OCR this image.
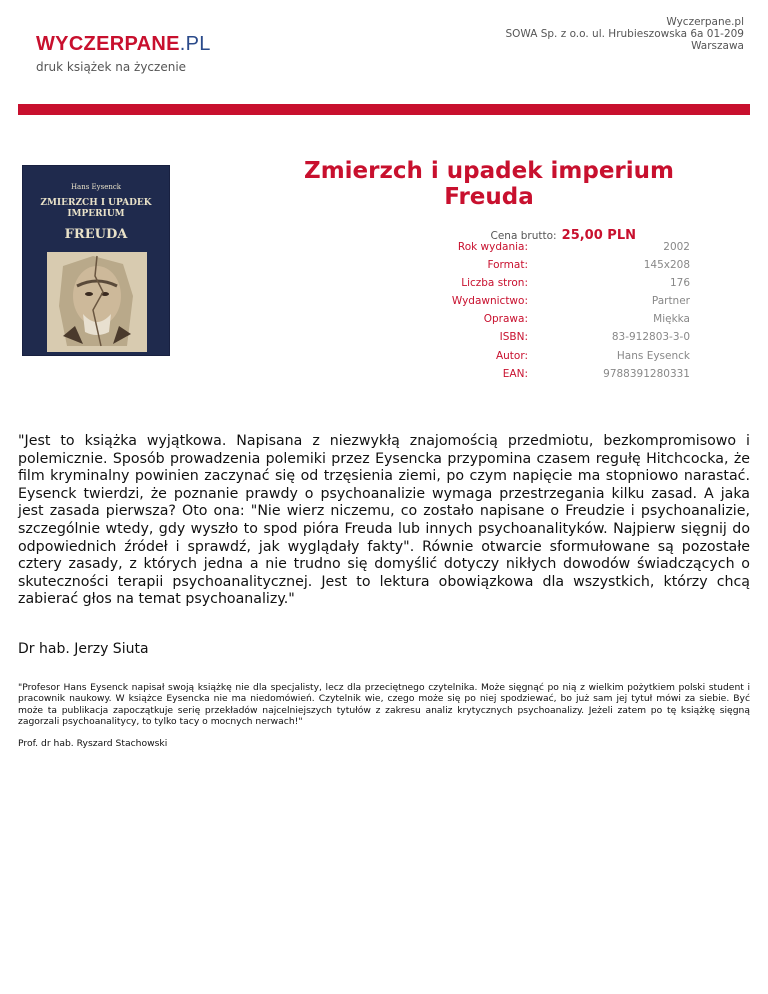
WYCZERPANE.PL
druk książek na życzenie
Wyczerpane.pl
SOWA Sp. z o.o. ul. Hrubieszowska 6a 01-209
Warszawa
Hans Eysenck
ZMIERZCH I UPADEK
IMPERIUM
FREUDA
Zmierzch i upadek imperium Freuda
Cena brutto: 25,00 PLN
Rok wydania:	2002
Format:	145x208
Liczba stron:	176
Wydawnictwo:	Partner
Oprawa:	Miękka
ISBN:	83-912803-3-0
Autor:	Hans Eysenck
EAN:	9788391280331
"Jest to książka wyjątkowa. Napisana z niezwykłą znajomością przedmiotu, bezkompromisowo i polemicznie. Sposób prowadzenia polemiki przez Eysencka przypomina czasem regułę Hitchcocka, że film kryminalny powinien zaczynać się od trzęsienia ziemi, po czym napięcie ma stopniowo narastać. Eysenck twierdzi, że poznanie prawdy o psychoanalizie wymaga przestrzegania kilku zasad. A jaka jest zasada pierwsza? Oto ona: "Nie wierz niczemu, co zostało napisane o Freudzie i psychoanalizie, szczególnie wtedy, gdy wyszło to spod pióra Freuda lub innych psychoanalityków. Najpierw sięgnij do odpowiednich źródeł i sprawdź, jak wyglądały fakty". Równie otwarcie sformułowane są pozostałe cztery zasady, z których jedna a nie trudno się domyślić dotyczy nikłych dowodów świadczących o skuteczności terapii psychoanalitycznej. Jest to lektura obowiązkowa dla wszystkich, którzy chcą zabierać głos na temat psychoanalizy."
Dr hab. Jerzy Siuta
"Profesor Hans Eysenck napisał swoją książkę nie dla specjalisty, lecz dla przeciętnego czytelnika. Może sięgnąć po nią z wielkim pożytkiem polski student i pracownik naukowy. W książce Eysencka nie ma niedomówień. Czytelnik wie, czego może się po niej spodziewać, bo już sam jej tytuł mówi za siebie. Być może ta publikacja zapoczątkuje serię przekładów najcelniejszych tytułów z zakresu analiz krytycznych psychoanalizy. Jeżeli zatem po tę książkę sięgną zagorzali psychoanalitycy, to tylko tacy o mocnych nerwach!"
Prof. dr hab. Ryszard Stachowski
